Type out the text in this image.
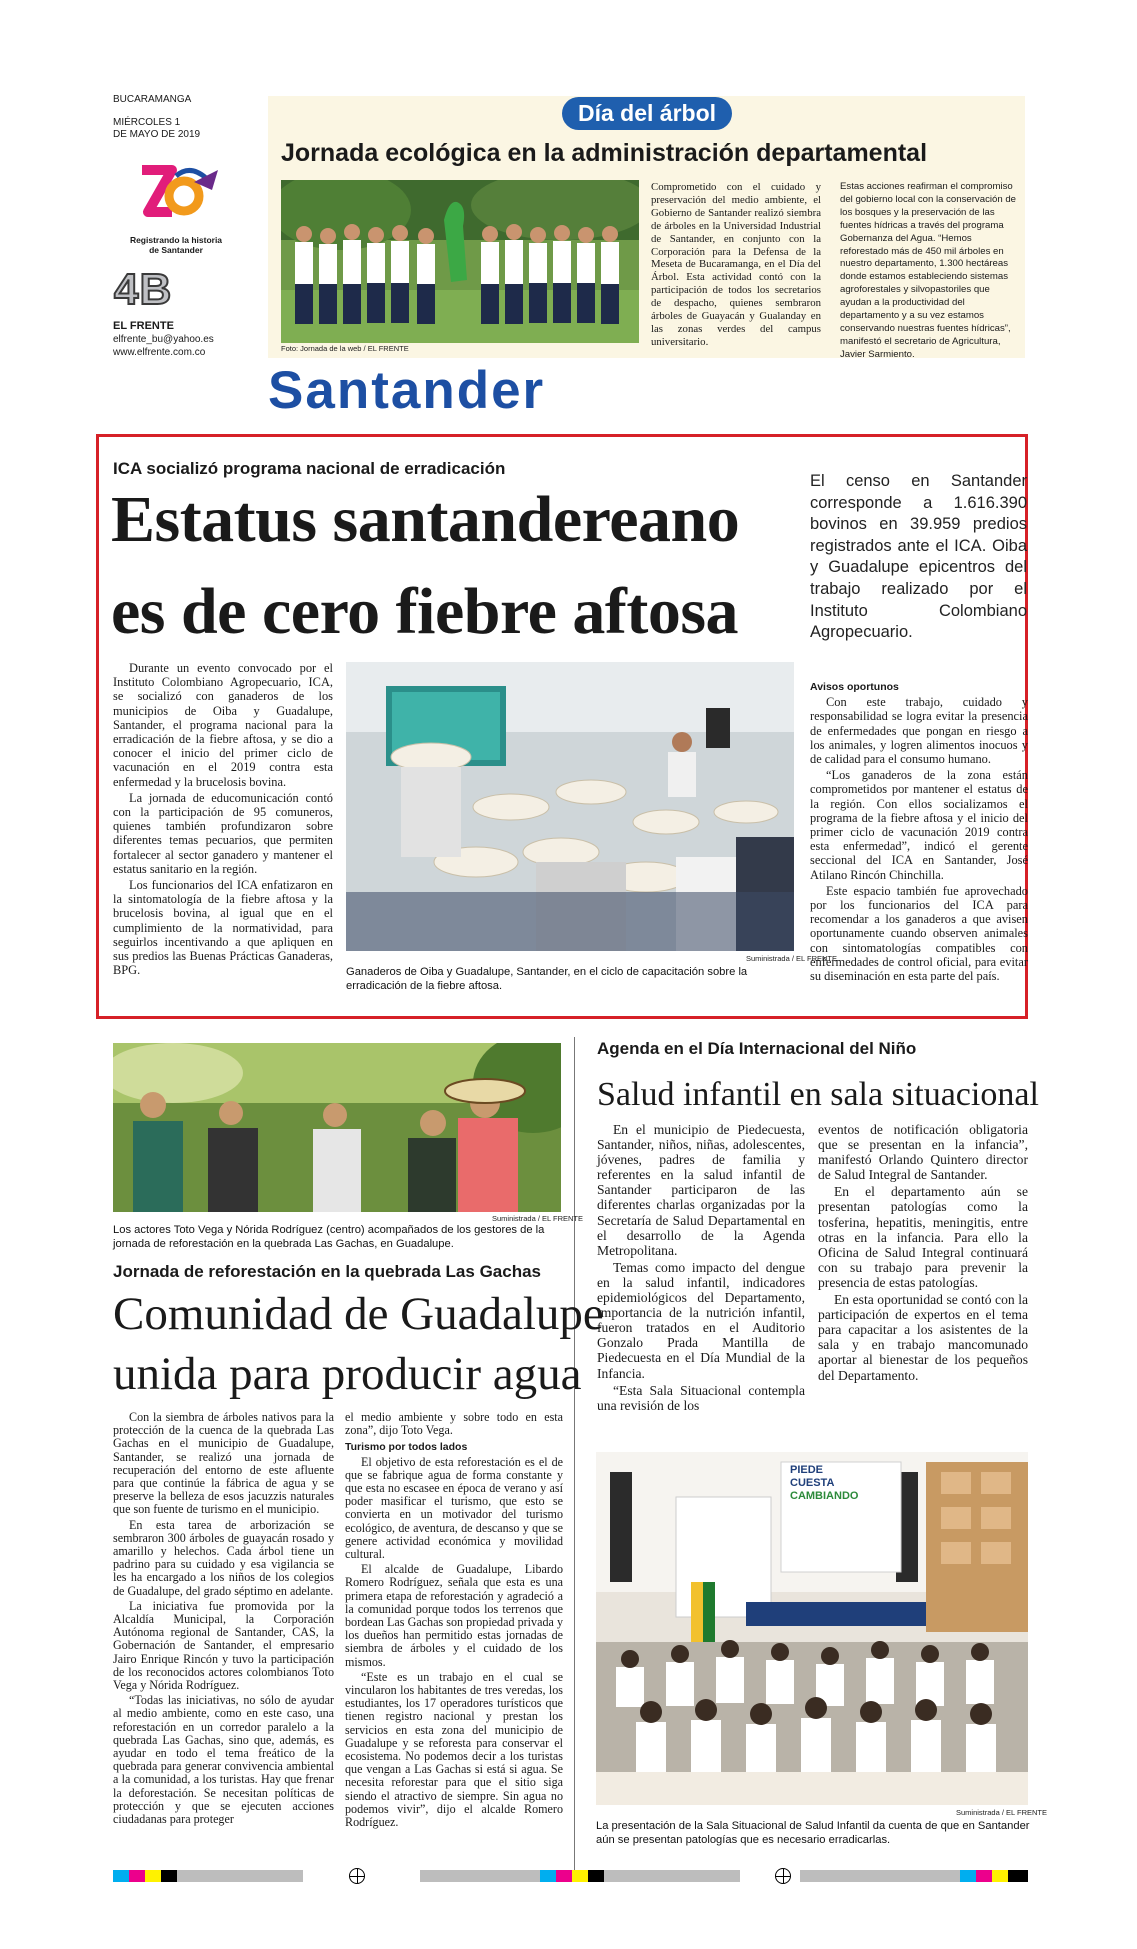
BUCARAMANGA
MIÉRCOLES 1
DE MAYO DE 2019
Registrando la historia
de Santander
4B
EL FRENTE
elfrente_bu@yahoo.es
www.elfrente.com.co
Día del árbol
Jornada ecológica en la administración departamental
Foto: Jornada de la web / EL FRENTE
Comprometido con el cuidado y preservación del medio ambiente, el Gobierno de Santander realizó siembra de árboles en la Universidad Industrial de Santander, en conjunto con la Corporación para la Defensa de la Meseta de Bucaramanga, en el Día del Árbol. Esta actividad contó con la participación de todos los secretarios de despacho, quienes sembraron árboles de Guayacán y Gualanday en las zonas verdes del campus universitario.
Estas acciones reafirman el compromiso del gobierno local con la conservación de los bosques y la preservación de las fuentes hídricas a través del programa Gobernanza del Agua. “Hemos reforestado más de 450 mil árboles en nuestro departamento, 1.300 hectáreas donde estamos estableciendo sistemas agroforestales y silvopastoriles que ayudan a la productividad del departamento y a su vez estamos conservando nuestras fuentes hídricas”, manifestó el secretario de Agricultura, Javier Sarmiento.
Santander
ICA socializó programa nacional de erradicación
Estatus santandereano
es de cero fiebre aftosa
El censo en Santander corresponde a 1.616.390 bovinos en 39.959 predios registrados ante el ICA. Oiba y Guadalupe epicentros del trabajo realizado por el Instituto Colombiano Agropecuario.

Durante un evento convocado por el Instituto Colombiano Agropecuario, ICA, se socializó con ganaderos de los municipios de Oiba y Guadalupe, Santander, el programa nacional para la erradicación de la fiebre aftosa, y se dio a conocer el inicio del primer ciclo de vacunación en el 2019 contra esta enfermedad y la brucelosis bovina.

La jornada de educomunicación contó con la participación de 95 comuneros, quienes también profundizaron sobre diferentes temas pecuarios, que permiten fortalecer al sector ganadero y mantener el estatus sanitario en la región.

Los funcionarios del ICA enfatizaron en la sintomatología de la fiebre aftosa y la brucelosis bovina, al igual que en el cumplimiento de la normatividad, para seguirlos incentivando a que apliquen en sus predios las Buenas Prácticas Ganaderas, BPG.

Suministrada / EL FRENTE
Ganaderos de Oiba y Guadalupe, Santander, en el ciclo de capacitación sobre la erradicación de la fiebre aftosa.
Avisos oportunos

Con este trabajo, cuidado y responsabilidad se logra evitar la presencia de enfermedades que pongan en riesgo a los animales, y logren alimentos inocuos y de calidad para el consumo humano.

“Los ganaderos de la zona están comprometidos por mantener el estatus de la región. Con ellos socializamos el programa de la fiebre aftosa y el inicio del primer ciclo de vacunación 2019 contra esta enfermedad”, indicó el gerente seccional del ICA en Santander, José Atilano Rincón Chinchilla.

Este espacio también fue aprovechado por los funcionarios del ICA para recomendar a los ganaderos a que avisen oportunamente cuando observen animales con sintomatologías compatibles con enfermedades de control oficial, para evitar su diseminación en esta parte del país.

Suministrada / EL FRENTE
Los actores Toto Vega y Nórida Rodríguez (centro) acompañados de los gestores de la jornada de reforestación en la quebrada Las Gachas, en Guadalupe.
Jornada de reforestación en la quebrada Las Gachas
Comunidad de Guadalupe
unida para producir agua

Con la siembra de árboles nativos para la protección de la cuenca de la quebrada Las Gachas en el municipio de Guadalupe, Santander, se realizó una jornada de recuperación del entorno de este afluente para que continúe la fábrica de agua y se preserve la belleza de esos jacuzzis naturales que son fuente de turismo en el municipio.

En esta tarea de arborización se sembraron 300 árboles de guayacán rosado y amarillo y helechos. Cada árbol tiene un padrino para su cuidado y esa vigilancia se les ha encargado a los niños de los colegios de Guadalupe, del grado séptimo en adelante.

La iniciativa fue promovida por la Alcaldía Municipal, la Corporación Autónoma regional de Santander, CAS, la Gobernación de Santander, el empresario Jairo Enrique Rincón y tuvo la participación de los reconocidos actores colombianos Toto Vega y Nórida Rodríguez.

“Todas las iniciativas, no sólo de ayudar al medio ambiente, como en este caso, una reforestación en un corredor paralelo a la quebrada Las Gachas, sino que, además, es ayudar en todo el tema freático de la quebrada para generar convivencia ambiental a la comunidad, a los turistas. Hay que frenar la deforestación. Se necesitan políticas de protección y que se ejecuten acciones ciudadanas para proteger

el medio ambiente y sobre todo en esta zona”, dijo Toto Vega.

Turismo por todos lados

El objetivo de esta reforestación es el de que se fabrique agua de forma constante y que esta no escasee en época de verano y así poder masificar el turismo, que esto se convierta en un motivador del turismo ecológico, de aventura, de descanso y que se genere actividad económica y movilidad cultural.

El alcalde de Guadalupe, Libardo Romero Rodríguez, señala que esta es una primera etapa de reforestación y agradeció a la comunidad porque todos los terrenos que bordean Las Gachas son propiedad privada y los dueños han permitido estas jornadas de siembra de árboles y el cuidado de los mismos.

“Este es un trabajo en el cual se vincularon los habitantes de tres veredas, los estudiantes, los 17 operadores turísticos que tienen registro nacional y prestan los servicios en esta zona del municipio de Guadalupe y se reforesta para conservar el ecosistema. No podemos decir a los turistas que vengan a Las Gachas si está si agua. Se necesita reforestar para que el sitio siga siendo el atractivo de siempre. Sin agua no podemos vivir”, dijo el alcalde Romero Rodríguez.

Agenda en el Día Internacional del Niño
Salud infantil en sala situacional

En el municipio de Piedecuesta, Santander, niños, niñas, adolescentes, jóvenes, padres de familia y referentes en la salud infantil de Santander participaron de las diferentes charlas organizadas por la Secretaría de Salud Departamental en el desarrollo de la Agenda Metropolitana.

Temas como impacto del dengue en la salud infantil, indicadores epidemiológicos del Departamento, importancia de la nutrición infantil, fueron tratados en el Auditorio Gonzalo Prada Mantilla de Piedecuesta en el Día Mundial de la Infancia.

“Esta Sala Situacional contempla una revisión de los

eventos de notificación obligatoria que se presentan en la infancia”, manifestó Orlando Quintero director de Salud Integral de Santander.

En el departamento aún se presentan patologías como la tosferina, hepatitis, meningitis, entre otras en la infancia. Para ello la Oficina de Salud Integral continuará con su trabajo para prevenir la presencia de estas patologías.

En esta oportunidad se contó con la participación de expertos en el tema para capacitar a los asistentes de la sala y en trabajo mancomunado aportar al bienestar de los pequeños del Departamento.

PIEDE
CUESTA
CAMBIANDO
Suministrada / EL FRENTE
La presentación de la Sala Situacional de Salud Infantil da cuenta de que en Santander aún se presentan patologías que es necesario erradicarlas.
